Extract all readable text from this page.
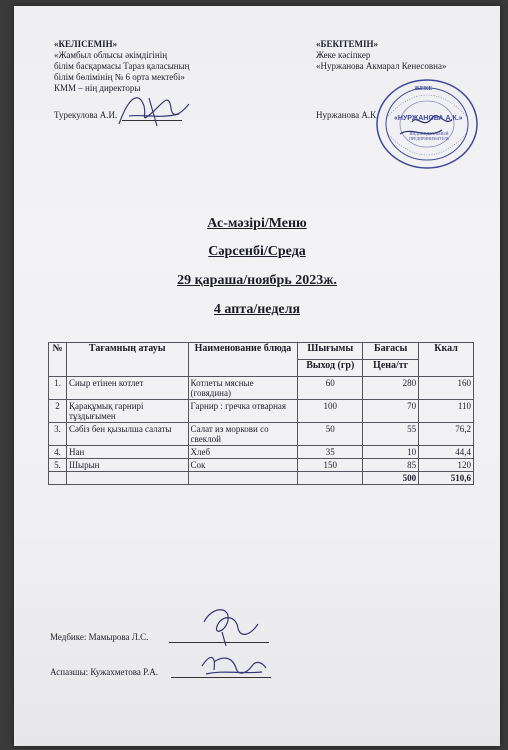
«КЕЛІСЕМІН»
«Жамбыл облысы әкімдігінің
білім басқармасы Тараз қаласының
білім бөлімінің № 6 орта мектебі»
КММ – нің директоры
Турекулова А.И.
«БЕКІТЕМІН»
Жеке кәсіпкер
«Нуржанова Акмарал Кенесовна»
Нуржанова А.К.
ЖЕКЕ
«НУРЖАНОВА А.К.»
ИНДИВИДУАЛЬНЫЙ ПРЕДПРИНИМАТЕЛЬ
Ас-мәзірі/Меню
Сәрсенбі/Среда
29 қараша/ноябрь 2023ж.
4 апта/неделя
№	Тағамның атауы	Наименование блюда	Шығымы	Бағасы	Ккал
			Выход (гр)	Цена/тг	
1.	Сиыр етінен котлет	Котлеты мясные (говядина)	60	280	160
2	Қарақұмық гарнирі тұздығымен	Гарнир : гречка отварная	100	70	110
3.	Сәбіз бен қызылша салаты	Салат из моркови со свеклой	50	55	76,2
4.	Нан	Хлеб	35	10	44,4
5.	Шырын	Сок	150	85	120
				500	510,6
Медбике: Мамырова Л.С.
Аспазшы: Кужахметова Р.А.
